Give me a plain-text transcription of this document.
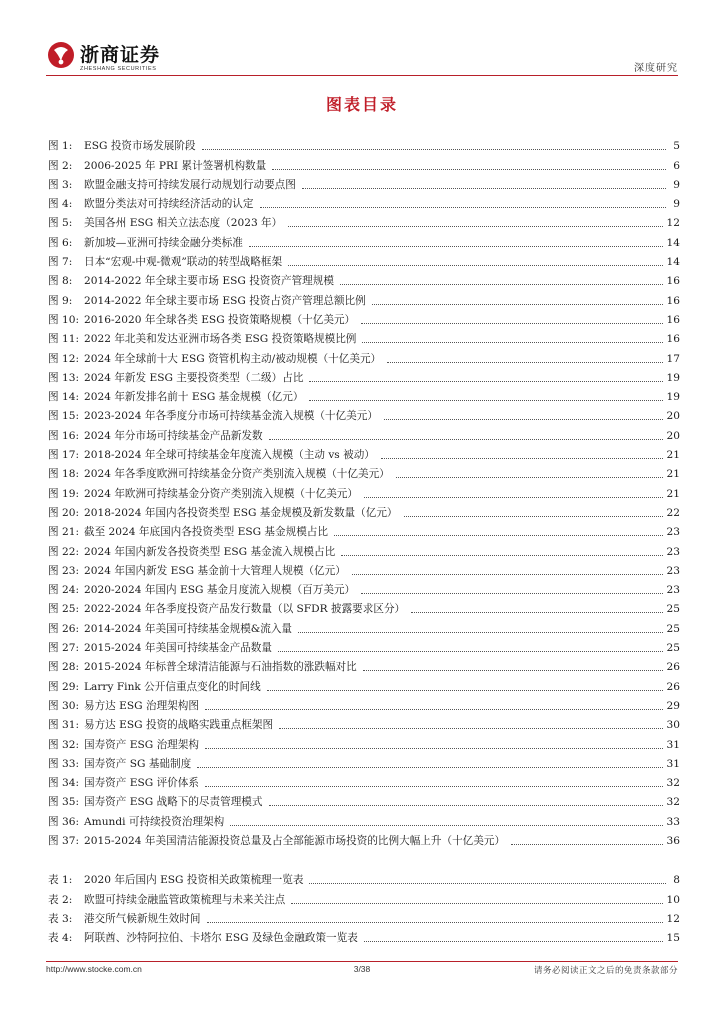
浙商证券
ZHESHANG SECURITIES	深度研究
图表目录
图 1:	ESG 投资市场发展阶段	5
图 2:	2006-2025 年 PRI 累计签署机构数量	6
图 3:	欧盟金融支持可持续发展行动规划行动要点图	9
图 4:	欧盟分类法对可持续经济活动的认定	9
图 5:	美国各州 ESG 相关立法态度（2023 年）	12
图 6:	新加坡—亚洲可持续金融分类标准	14
图 7:	日本“宏观-中观-微观”联动的转型战略框架	14
图 8:	2014-2022 年全球主要市场 ESG 投资资产管理规模	16
图 9:	2014-2022 年全球主要市场 ESG 投资占资产管理总额比例	16
图 10: 2016-2020 年全球各类 ESG 投资策略规模（十亿美元）	16
图 11: 2022 年北美和发达亚洲市场各类 ESG 投资策略规模比例	16
图 12: 2024 年全球前十大 ESG 资管机构主动/被动规模（十亿美元）	17
图 13: 2024 年新发 ESG 主要投资类型（二级）占比	19
图 14: 2024 年新发排名前十 ESG 基金规模（亿元）	19
图 15: 2023-2024 年各季度分市场可持续基金流入规模（十亿美元）	20
图 16: 2024 年分市场可持续基金产品新发数	20
图 17: 2018-2024 年全球可持续基金年度流入规模（主动 vs 被动）	21
图 18: 2024 年各季度欧洲可持续基金分资产类别流入规模（十亿美元）	21
图 19: 2024 年欧洲可持续基金分资产类别流入规模（十亿美元）	21
图 20: 2018-2024 年国内各投资类型 ESG 基金规模及新发数量（亿元）	22
图 21: 截至 2024 年底国内各投资类型 ESG 基金规模占比	23
图 22: 2024 年国内新发各投资类型 ESG 基金流入规模占比	23
图 23: 2024 年国内新发 ESG 基金前十大管理人规模（亿元）	23
图 24: 2020-2024 年国内 ESG 基金月度流入规模（百万美元）	23
图 25: 2022-2024 年各季度投资产品发行数量（以 SFDR 披露要求区分）	25
图 26: 2014-2024 年美国可持续基金规模&流入量	25
图 27: 2015-2024 年美国可持续基金产品数量	25
图 28: 2015-2024 年标普全球清洁能源与石油指数的涨跌幅对比	26
图 29: Larry Fink 公开信重点变化的时间线	26
图 30: 易方达 ESG 治理架构图	29
图 31: 易方达 ESG 投资的战略实践重点框架图	30
图 32: 国寿资产 ESG 治理架构	31
图 33: 国寿资产 SG 基础制度	31
图 34: 国寿资产 ESG 评价体系	32
图 35: 国寿资产 ESG 战略下的尽责管理模式	32
图 36: Amundi 可持续投资治理架构	33
图 37: 2015-2024 年美国清洁能源投资总量及占全部能源市场投资的比例大幅上升（十亿美元）	36
表 1:	2020 年后国内 ESG 投资相关政策梳理一览表	8
表 2:	欧盟可持续金融监管政策梳理与未来关注点	10
表 3:	港交所气候新规生效时间	12
表 4:	阿联酋、沙特阿拉伯、卡塔尔 ESG 及绿色金融政策一览表	15
http://www.stocke.com.cn	3/38	请务必阅读正文之后的免责条款部分
